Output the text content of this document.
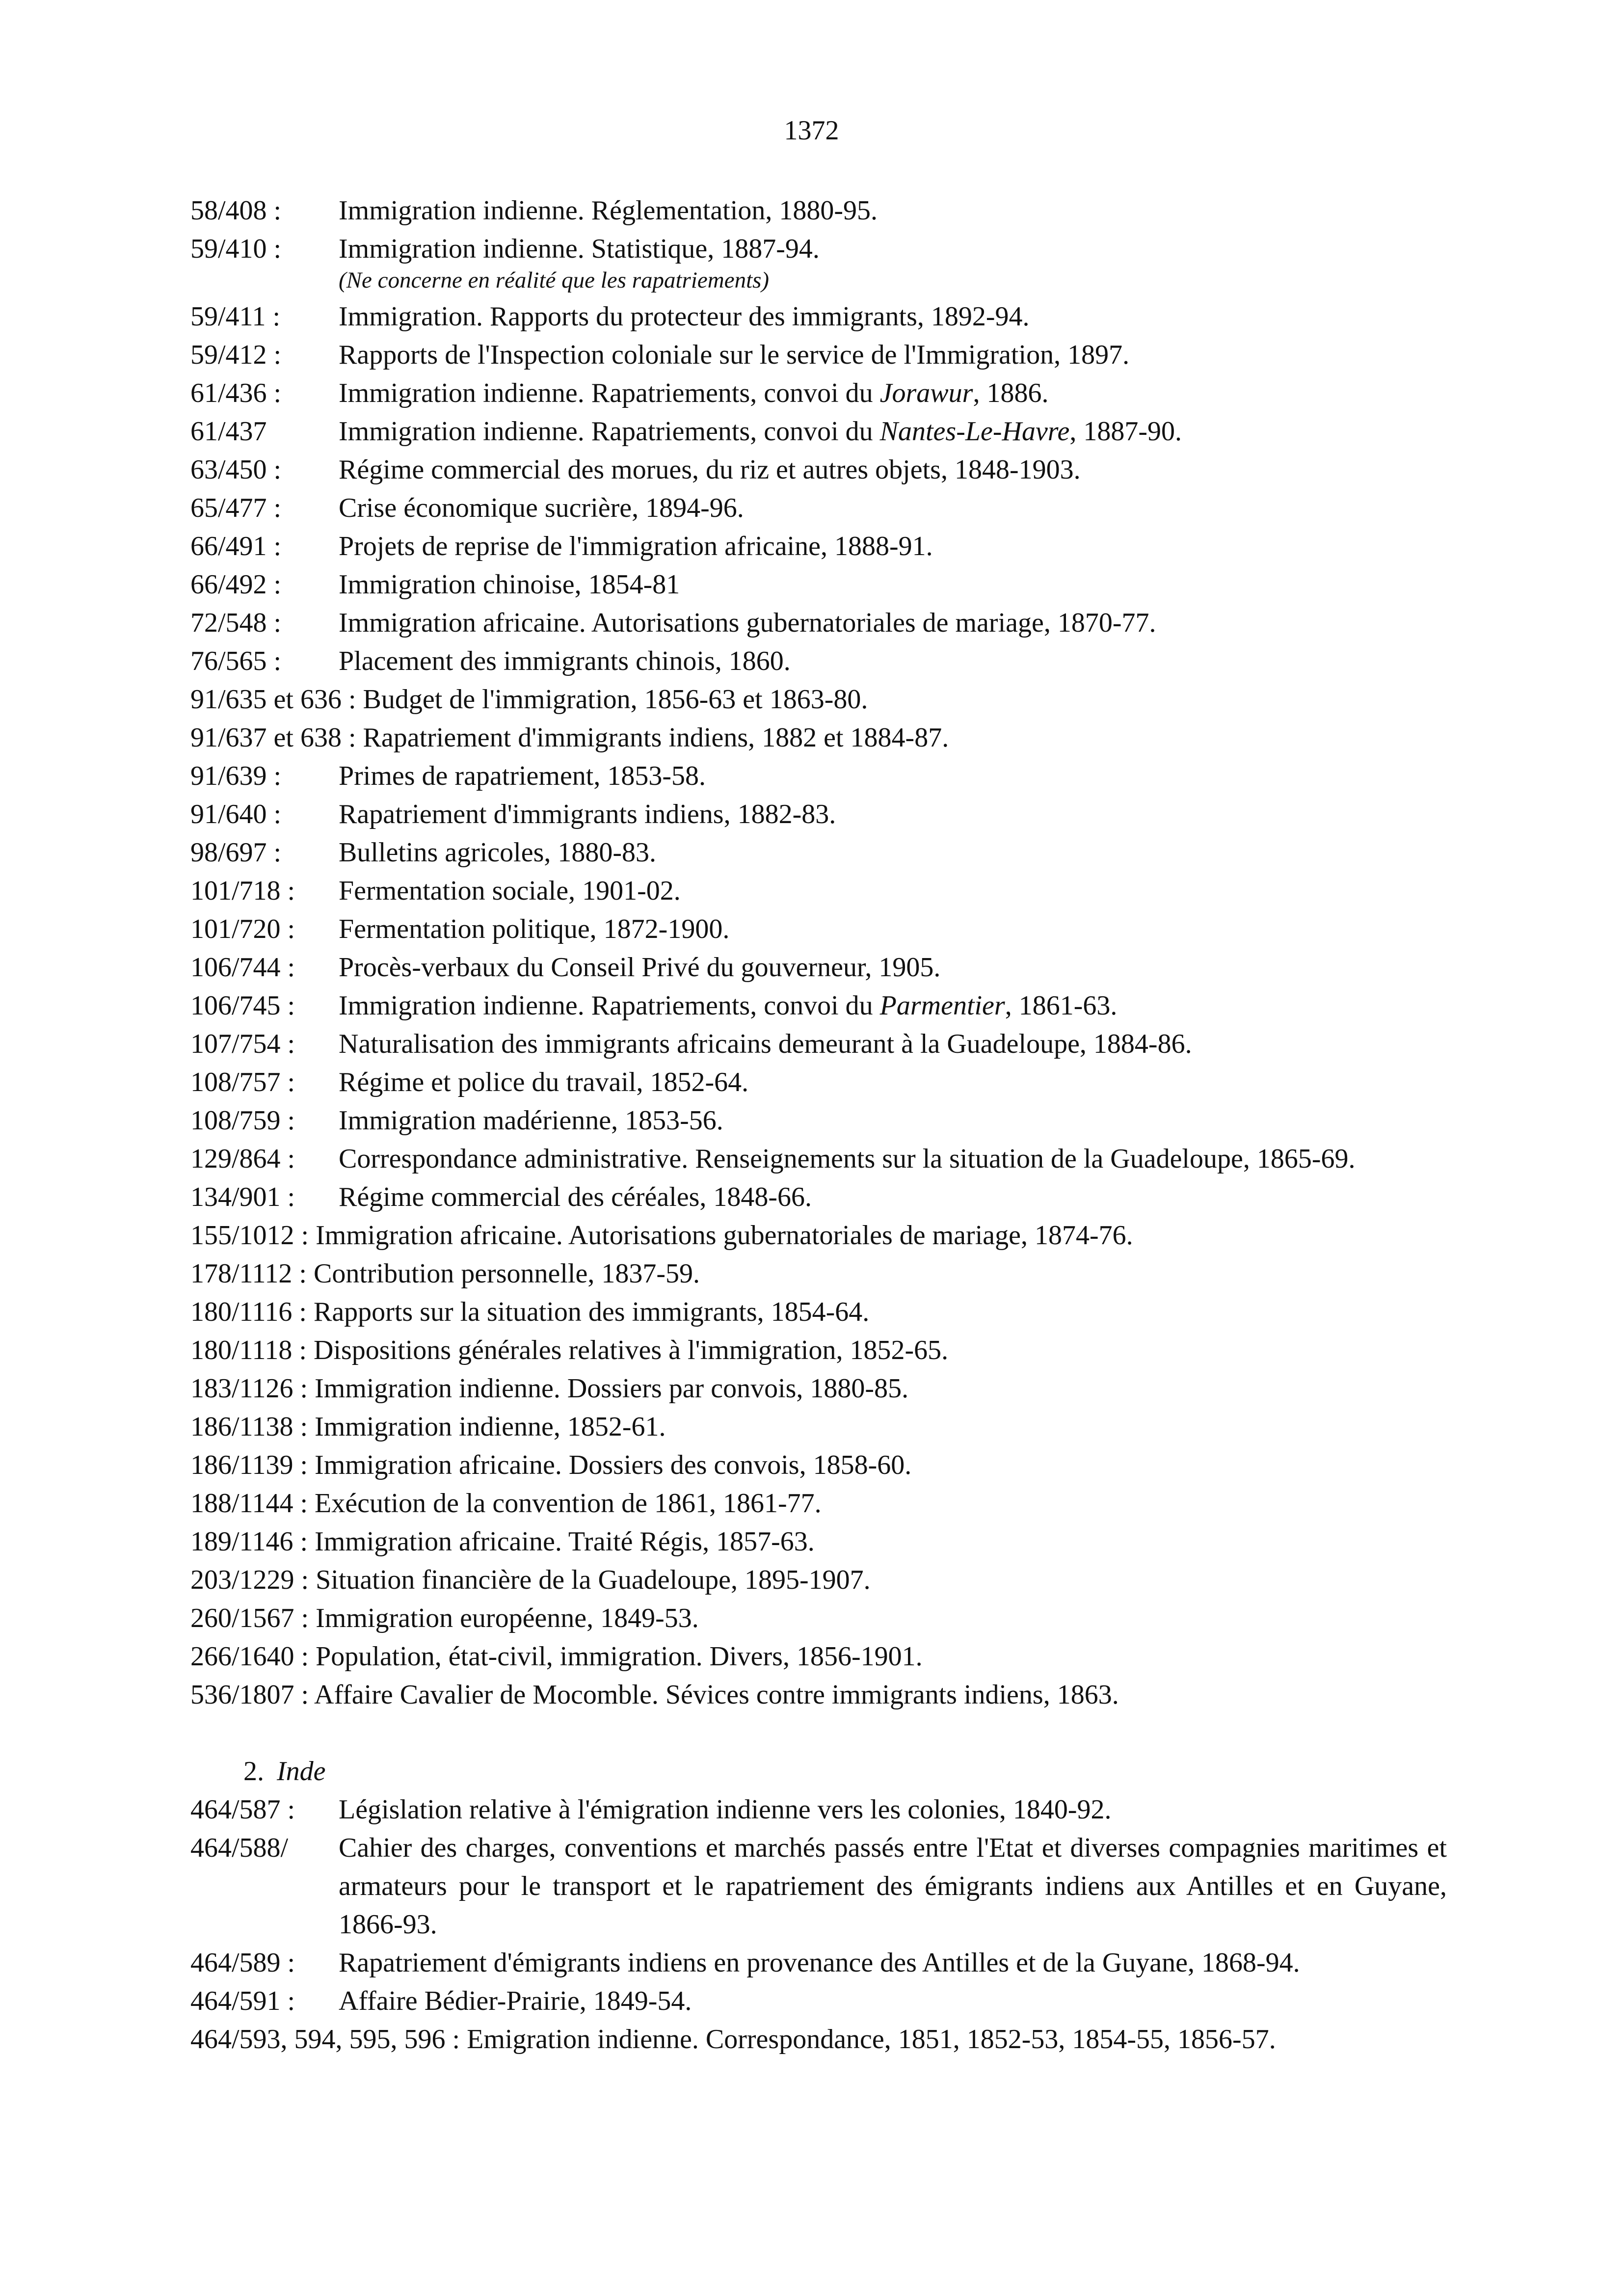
1372
58/408 : Immigration indienne. Réglementation, 1880-95.
59/410 : Immigration indienne. Statistique, 1887-94.
(Ne concerne en réalité que les rapatriements)
59/411 : Immigration. Rapports du protecteur des immigrants, 1892-94.
59/412 : Rapports de l'Inspection coloniale sur le service de l'Immigration, 1897.
61/436 : Immigration indienne. Rapatriements, convoi du Jorawur, 1886.
61/437	Immigration indienne. Rapatriements, convoi du Nantes-Le-Havre, 1887-90.
63/450 : Régime commercial des morues, du riz et autres objets, 1848-1903.
65/477 : Crise économique sucrière, 1894-96.
66/491 : Projets de reprise de l'immigration africaine, 1888-91.
66/492 : Immigration chinoise, 1854-81
72/548 : Immigration africaine. Autorisations gubernatoriales de mariage, 1870-77.
76/565 : Placement des immigrants chinois, 1860.
91/635 et 636 : Budget de l'immigration, 1856-63 et 1863-80.
91/637 et 638 : Rapatriement d'immigrants indiens, 1882 et 1884-87.
91/639 : Primes de rapatriement, 1853-58.
91/640 : Rapatriement d'immigrants indiens, 1882-83.
98/697 : Bulletins agricoles, 1880-83.
101/718 : Fermentation sociale, 1901-02.
101/720 : Fermentation politique, 1872-1900.
106/744 : Procès-verbaux du Conseil Privé du gouverneur, 1905.
106/745 : Immigration indienne. Rapatriements, convoi du Parmentier, 1861-63.
107/754 : Naturalisation des immigrants africains demeurant à la Guadeloupe, 1884-86.
108/757 : Régime et police du travail, 1852-64.
108/759 : Immigration madérienne, 1853-56.
129/864 : Correspondance administrative. Renseignements sur la situation de la Guadeloupe, 1865-69.
134/901 : Régime commercial des céréales, 1848-66.
155/1012 : Immigration africaine. Autorisations gubernatoriales de mariage, 1874-76.
178/1112 : Contribution personnelle, 1837-59.
180/1116 : Rapports sur la situation des immigrants, 1854-64.
180/1118 : Dispositions générales relatives à l'immigration, 1852-65.
183/1126 : Immigration indienne. Dossiers par convois, 1880-85.
186/1138 : Immigration indienne, 1852-61.
186/1139 : Immigration africaine. Dossiers des convois, 1858-60.
188/1144 : Exécution de la convention de 1861, 1861-77.
189/1146 : Immigration africaine. Traité Régis, 1857-63.
203/1229 : Situation financière de la Guadeloupe, 1895-1907.
260/1567 : Immigration européenne, 1849-53.
266/1640 : Population, état-civil, immigration. Divers, 1856-1901.
536/1807 : Affaire Cavalier de Mocomble. Sévices contre immigrants indiens, 1863.
2. Inde
464/587 : Législation relative à l'émigration indienne vers les colonies, 1840-92.
464/588/ Cahier des charges, conventions et marchés passés entre l'Etat et diverses compagnies maritimes et armateurs pour le transport et le rapatriement des émigrants indiens aux Antilles et en Guyane, 1866-93.
464/589 : Rapatriement d'émigrants indiens en provenance des Antilles et de la Guyane, 1868-94.
464/591 : Affaire Bédier-Prairie, 1849-54.
464/593, 594, 595, 596 : Emigration indienne. Correspondance, 1851, 1852-53, 1854-55, 1856-57.
